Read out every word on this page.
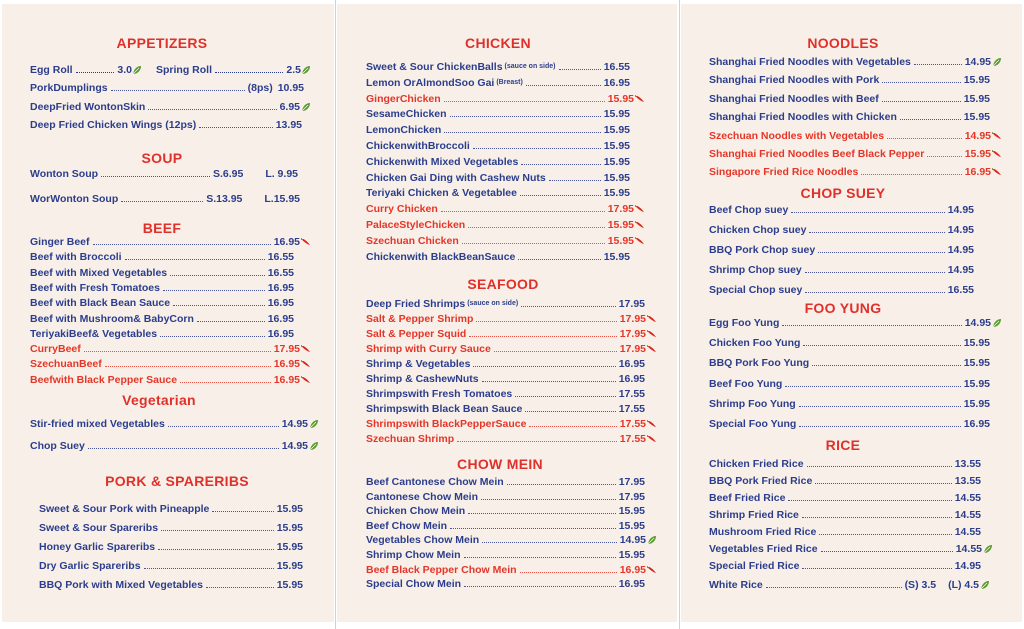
APPETIZERS
Egg Roll	3.0 Spring Roll	2.5
PorkDumplings	(8ps) 10.95
DeepFried WontonSkin	6.95
Deep Fried Chicken Wings (12ps)	13.95
SOUP
Wonton Soup	S.6.95 L. 9.95
WorWonton Soup	S.13.95 L.15.95
BEEF
Ginger Beef	16.95
Beef with Broccoli	16.55
Beef with Mixed Vegetables	16.55
Beef with Fresh Tomatoes	16.95
Beef with Black Bean Sauce	16.95
Beef with Mushroom& BabyCorn	16.95
TeriyakiBeef& Vegetables	16.95
CurryBeef	17.95
SzechuanBeef	16.95
Beefwith Black Pepper Sauce	16.95
Vegetarian
Stir-fried mixed Vegetables	14.95
Chop Suey	14.95
PORK & SPARERIBS
Sweet & Sour Pork with Pineapple	15.95
Sweet & Sour Spareribs	15.95
Honey Garlic Spareribs	15.95
Dry Garlic Spareribs	15.95
BBQ Pork with Mixed Vegetables	15.95
CHICKEN
Sweet & Sour ChickenBalls (sauce on side)	16.55
Lemon OrAlmondSoo Gai (Breast)	16.95
GingerChicken	15.95
SesameChicken	15.95
LemonChicken	15.95
ChickenwithBroccoli	15.95
Chickenwith Mixed Vegetables	15.95
Chicken Gai Ding with Cashew Nuts	15.95
Teriyaki Chicken & Vegetablee	15.95
Curry Chicken	17.95
PalaceStyleChicken	15.95
Szechuan Chicken	15.95
Chickenwith BlackBeanSauce	15.95
SEAFOOD
Deep Fried Shrimps (sauce on side)	17.95
Salt & Pepper Shrimp	17.95
Salt & Pepper Squid	17.95
Shrimp with Curry Sauce	17.95
Shrimp & Vegetables	16.95
Shrimp & CashewNuts	16.95
Shrimpswith Fresh Tomatoes	17.55
Shrimpswith Black Bean Sauce	17.55
Shrimpswith BlackPepperSauce	17.55
Szechuan Shrimp	17.55
CHOW MEIN
Beef Cantonese Chow Mein	17.95
Cantonese Chow Mein	17.95
Chicken Chow Mein	15.95
Beef Chow Mein	15.95
Vegetables Chow Mein	14.95
Shrimp Chow Mein	15.95
Beef Black Pepper Chow Mein	16.95
Special Chow Mein	16.95
NOODLES
Shanghai Fried Noodles with Vegetables	14.95
Shanghai Fried Noodles with Pork	15.95
Shanghai Fried Noodles with Beef	15.95
Shanghai Fried Noodles with Chicken	15.95
Szechuan Noodles with Vegetables	14.95
Shanghai Fried Noodles Beef Black Pepper	15.95
Singapore Fried Rice Noodles	16.95
CHOP SUEY
Beef Chop suey	14.95
Chicken Chop suey	14.95
BBQ Pork Chop suey	14.95
Shrimp Chop suey	14.95
Special Chop suey	16.55
FOO YUNG
Egg Foo Yung	14.95
Chicken Foo Yung	15.95
BBQ Pork Foo Yung	15.95
Beef Foo Yung	15.95
Shrimp Foo Yung	15.95
Special Foo Yung	16.95
RICE
Chicken Fried Rice	13.55
BBQ Pork Fried Rice	13.55
Beef Fried Rice	14.55
Shrimp Fried Rice	14.55
Mushroom Fried Rice	14.55
Vegetables Fried Rice	14.55
Special Fried Rice	14.95
White Rice	(S) 3.5 (L) 4.5
